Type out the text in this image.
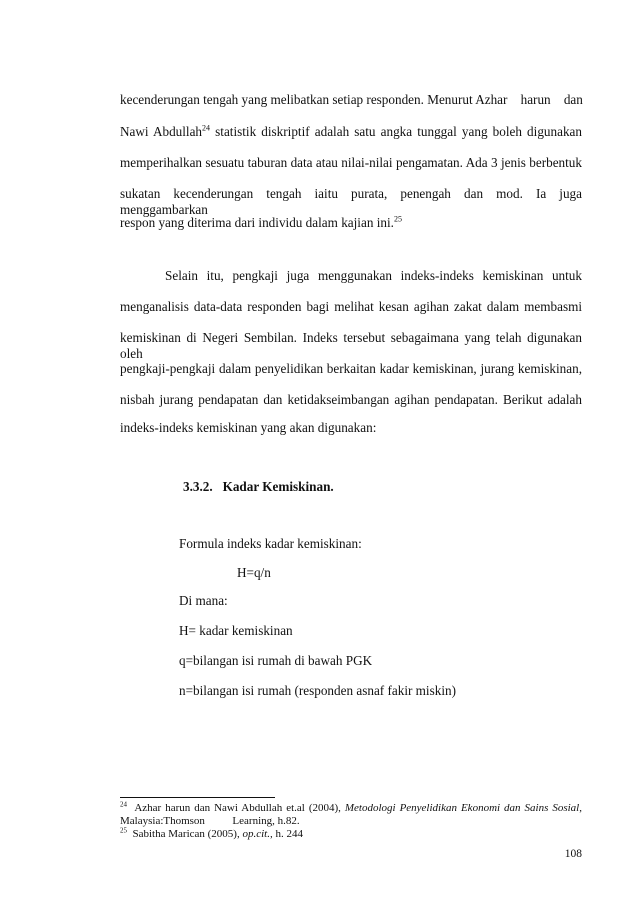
kecenderungan tengah yang melibatkan setiap responden. Menurut Azhar    harun    dan
Nawi Abdullah$^{24}$ statistik diskriptif adalah satu angka tunggal yang boleh digunakan
memperihalkan sesuatu taburan data atau nilai-nilai pengamatan. Ada 3 jenis berbentuk
sukatan kecenderungan tengah iaitu purata, penengah dan mod. Ia juga menggambarkan
respon yang diterima dari individu dalam kajian ini.$^{25}$
Selain itu, pengkaji juga menggunakan indeks-indeks kemiskinan untuk
menganalisis data-data responden bagi melihat kesan agihan zakat dalam membasmi
kemiskinan di Negeri Sembilan. Indeks tersebut sebagaimana yang telah digunakan oleh
pengkaji-pengkaji dalam penyelidikan berkaitan kadar kemiskinan, jurang kemiskinan,
nisbah jurang pendapatan dan ketidakseimbangan agihan pendapatan. Berikut adalah
indeks-indeks kemiskinan yang akan digunakan:
3.3.2.   Kadar Kemiskinan.
Formula indeks kadar kemiskinan:
H=q/n
Di mana:
H= kadar kemiskinan
q=bilangan isi rumah di bawah PGK
n=bilangan isi rumah (responden asnaf fakir miskin)
$^{24}$  Azhar harun dan Nawi Abdullah et.al (2004), Metodologi Penyelidikan Ekonomi dan Sains Sosial,
Malaysia:Thomson          Learning, h.82.
$^{25}$  Sabitha Marican (2005), op.cit., h. 244
108
